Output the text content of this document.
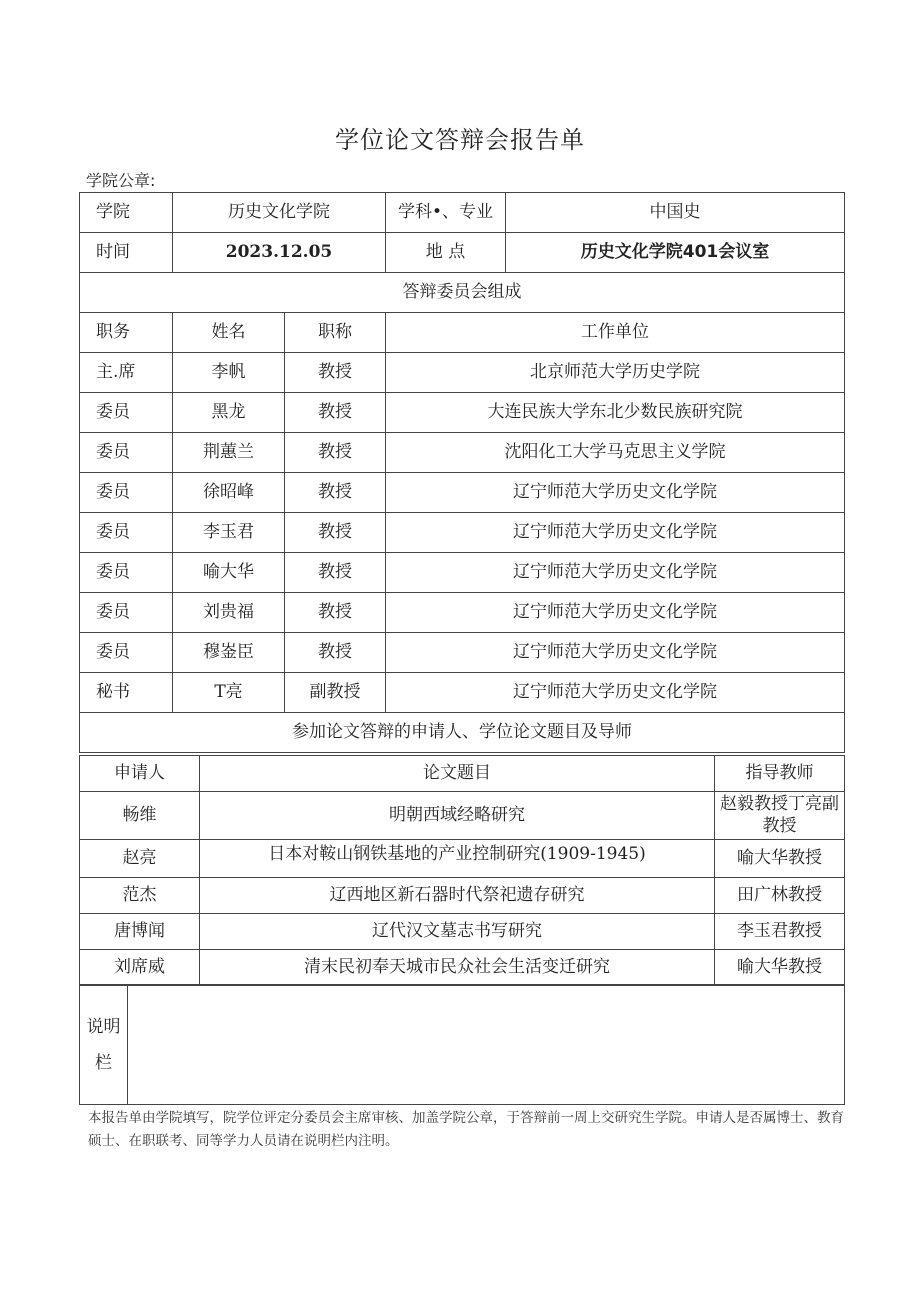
学位论文答辩会报告单
学院公章:
学院	历史文化学院		学科•、专业	中国史
时间	2023.12.05		地 点	历史文化学院401会议室
答辩委员会组成				
职务	姓名	职称	工作单位	
主.席	李帆	教授	北京师范大学历史学院	
委员	黑龙	教授	大连民族大学东北少数民族研究院	
委员	荆蕙兰	教授	沈阳化工大学马克思主义学院	
委员	徐昭峰	教授	辽宁师范大学历史文化学院	
委员	李玉君	教授	辽宁师范大学历史文化学院	
委员	喻大华	教授	辽宁师范大学历史文化学院	
委员	刘贵福	教授	辽宁师范大学历史文化学院	
委员	穆崟臣	教授	辽宁师范大学历史文化学院	
秘书	T亮	副教授	辽宁师范大学历史文化学院	
参加论文答辩的申请人、学位论文题目及导师				
申请人	论文题目	指导教师
畅维	明朝西域经略研究	赵毅教授丁亮副教授
赵亮	日本对鞍山钢铁基地的产业控制研究(1909-1945)	喻大华教授
范杰	辽西地区新石器时代祭祀遗存研究	田广林教授
唐博闻	辽代汉文墓志书写研究	李玉君教授
刘席威	清末民初奉天城市民众社会生活变迁研究	喻大华教授
说明
栏

本报告单由学院填写，院学位评定分委员会主席审核、加盖学院公章，于答辩前一周上交研究生学院。申请人是否属博士、教育硕士、在职联考、同等学力人员请在说明栏内注明。
